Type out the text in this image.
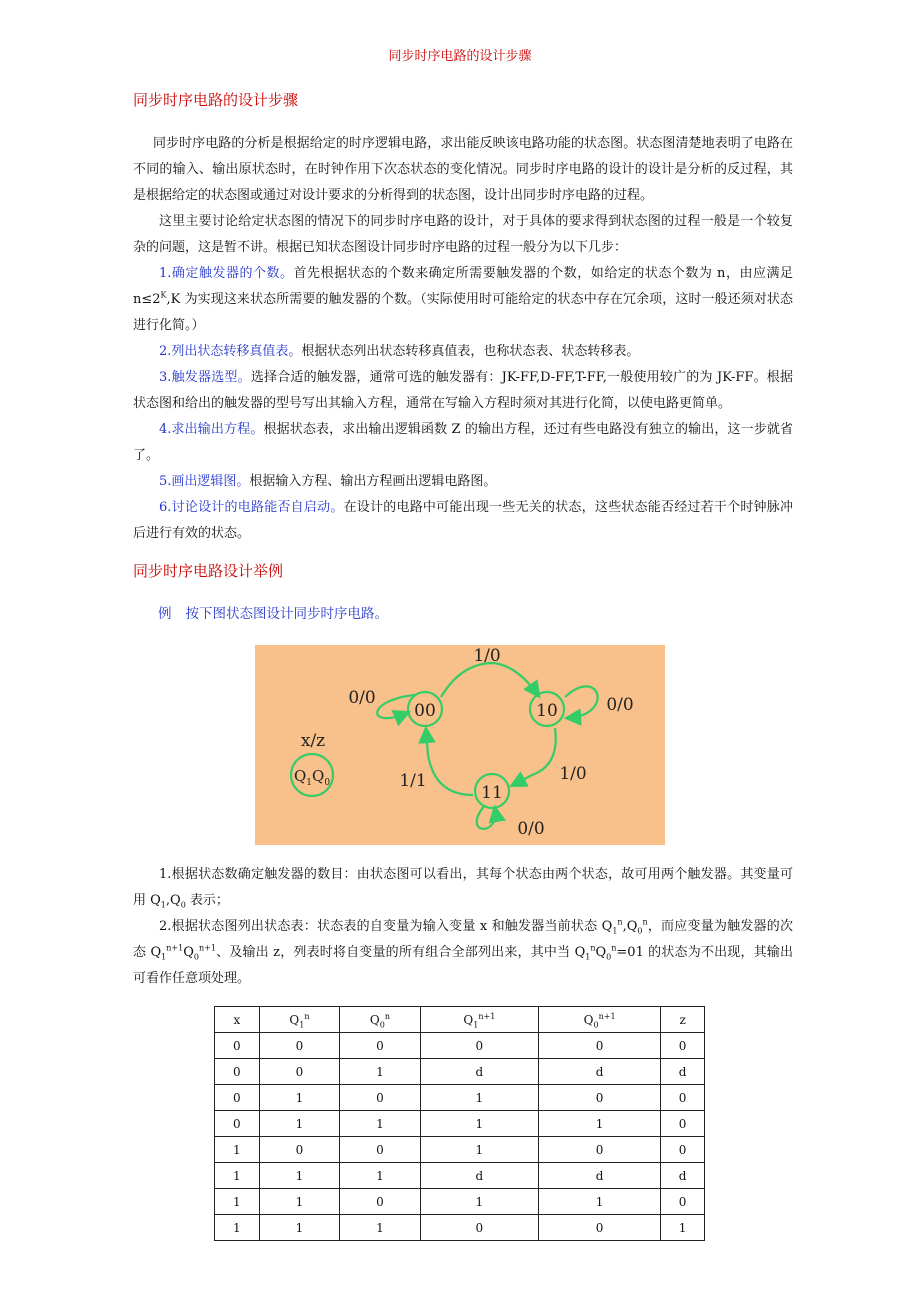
同步时序电路的设计步骤
同步时序电路的设计步骤
同步时序电路的分析是根据给定的时序逻辑电路，求出能反映该电路功能的状态图。状态图清楚地表明了电路在不同的输入、输出原状态时，在时钟作用下次态状态的变化情况。同步时序电路的设计的设计是分析的反过程，其是根据给定的状态图或通过对设计要求的分析得到的状态图，设计出同步时序电路的过程。
这里主要讨论给定状态图的情况下的同步时序电路的设计，对于具体的要求得到状态图的过程一般是一个较复杂的问题，这是暂不讲。根据已知状态图设计同步时序电路的过程一般分为以下几步：
1.确定触发器的个数。首先根据状态的个数来确定所需要触发器的个数，如给定的状态个数为 n，由应满足 $n\le 2^K,K$ 为实现这来状态所需要的触发器的个数。（实际使用时可能给定的状态中存在冗余项，这时一般还须对状态进行化简。）
2.列出状态转移真值表。根据状态列出状态转移真值表，也称状态表、状态转移表。
3.触发器选型。选择合适的触发器，通常可选的触发器有：JK-FF,D-FF,T-FF,一般使用较广的为 JK-FF。根据状态图和给出的触发器的型号写出其输入方程，通常在写输入方程时须对其进行化简，以使电路更简单。
4.求出输出方程。根据状态表，求出输出逻辑函数 Z 的输出方程，还过有些电路没有独立的输出，这一步就省了。
5.画出逻辑图。根据输入方程、输出方程画出逻辑电路图。
6.讨论设计的电路能否自启动。在设计的电路中可能出现一些无关的状态，这些状态能否经过若干个时钟脉冲后进行有效的状态。
同步时序电路设计举例
例 按下图状态图设计同步时序电路。
00	10
11
1/0
0/0	0/0
1/0
1/1
0/0
x/z
$Q_1Q_0$
1.根据状态数确定触发器的数目：由状态图可以看出，其每个状态由两个状态，故可用两个触发器。其变量可用 $Q_1,Q_0$ 表示；
2.根据状态图列出状态表：状态表的自变量为输入变量 x 和触发器当前状态 $Q_1^n,Q_0^n$，而应变量为触发器的次态 $Q_1^{n+1}Q_0^{n+1}$、及输出 z，列表时将自变量的所有组合全部列出来，其中当 $Q_1^nQ_0^n=01$ 的状态为不出现，其输出可看作任意项处理。
x	$Q_1^n$	$Q_0^n$	$Q_1^{n+1}$	$Q_0^{n+1}$	z
0	0	0	0	0	0
0	0	1	d	d	d
0	1	0	1	0	0
0	1	1	1	1	0
1	0	0	1	0	0
1	1	1	d	d	d
1	1	0	1	1	0
1	1	1	0	0	1
